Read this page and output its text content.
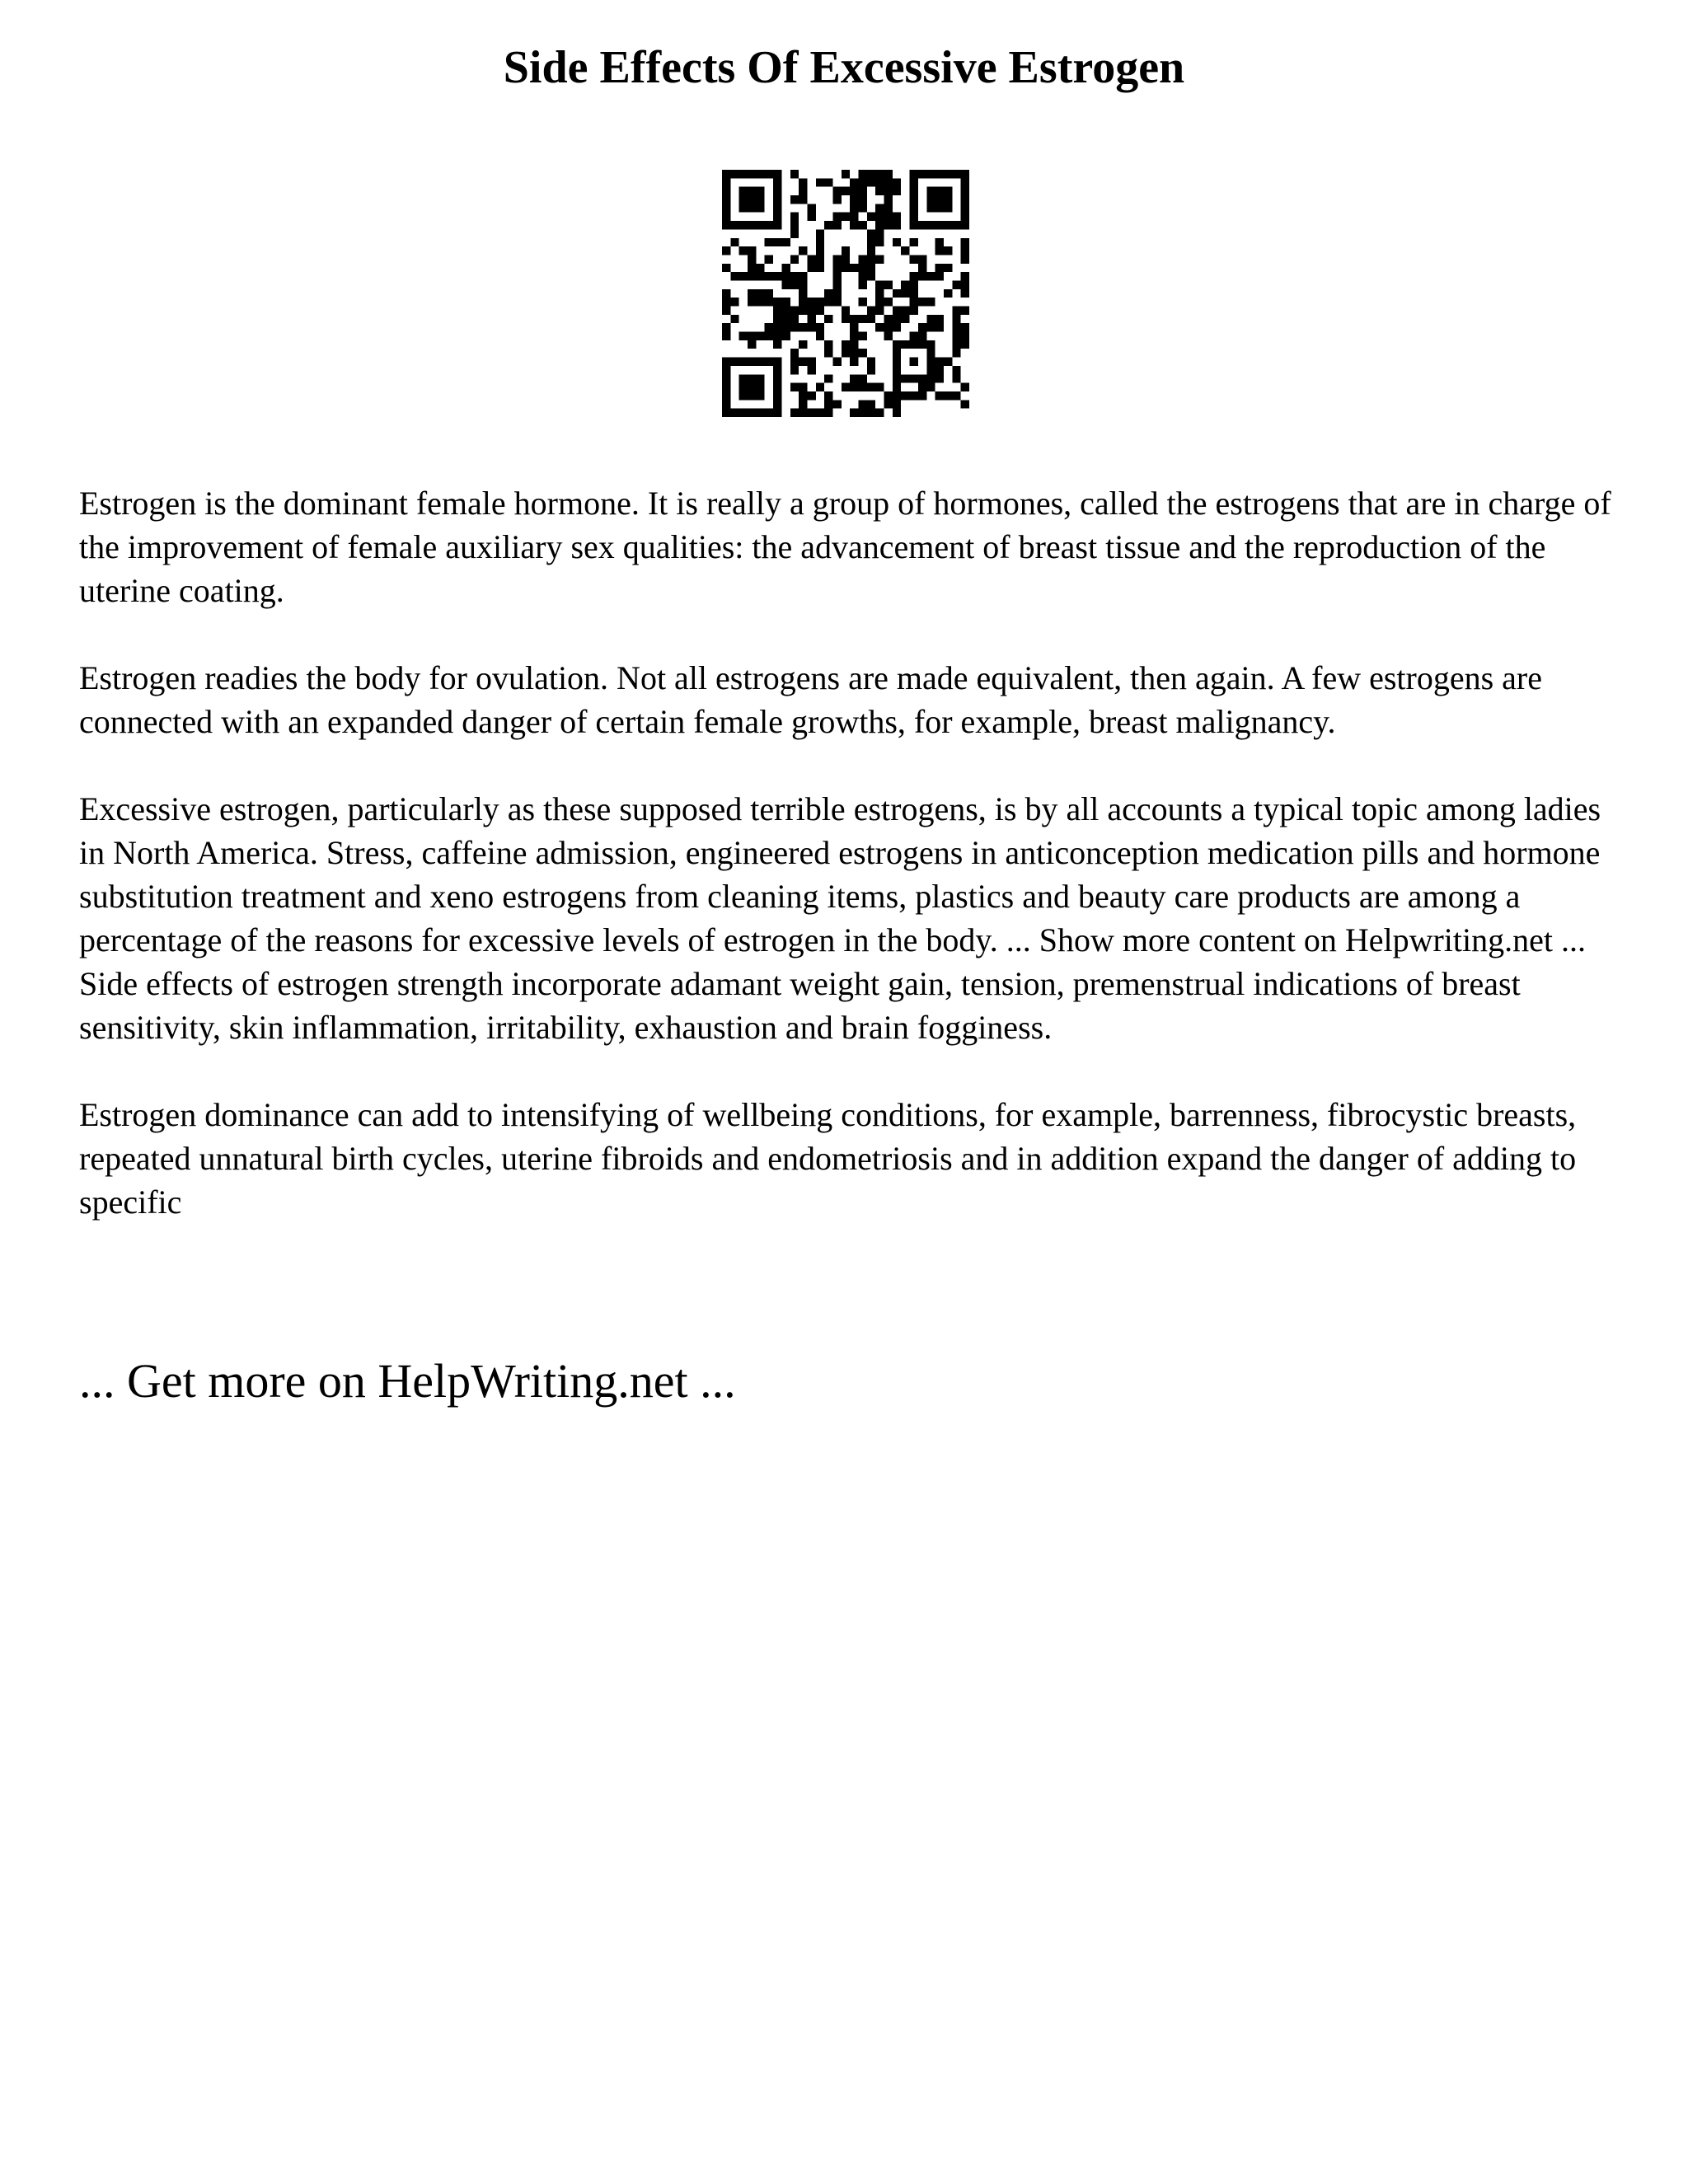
Side Effects Of Excessive Estrogen

Estrogen is the dominant female hormone. It is really a group of hormones, called the estrogens that are in charge of the improvement of female auxiliary sex qualities: the advancement of breast tissue and the reproduction of the uterine coating.

Estrogen readies the body for ovulation. Not all estrogens are made equivalent, then again. A few estrogens are connected with an expanded danger of certain female growths, for example, breast malignancy.

Excessive estrogen, particularly as these supposed terrible estrogens, is by all accounts a typical topic among ladies in North America. Stress, caffeine admission, engineered estrogens in anticonception medication pills and hormone substitution treatment and xeno estrogens from cleaning items, plastics and beauty care products are among a percentage of the reasons for excessive levels of estrogen in the body. ... Show more content on Helpwriting.net ...

Side effects of estrogen strength incorporate adamant weight gain, tension, premenstrual indications of breast sensitivity, skin inflammation, irritability, exhaustion and brain fogginess.

Estrogen dominance can add to intensifying of wellbeing conditions, for example, barrenness, fibrocystic breasts, repeated unnatural birth cycles, uterine fibroids and endometriosis and in addition expand the danger of adding to specific

... Get more on HelpWriting.net ...
